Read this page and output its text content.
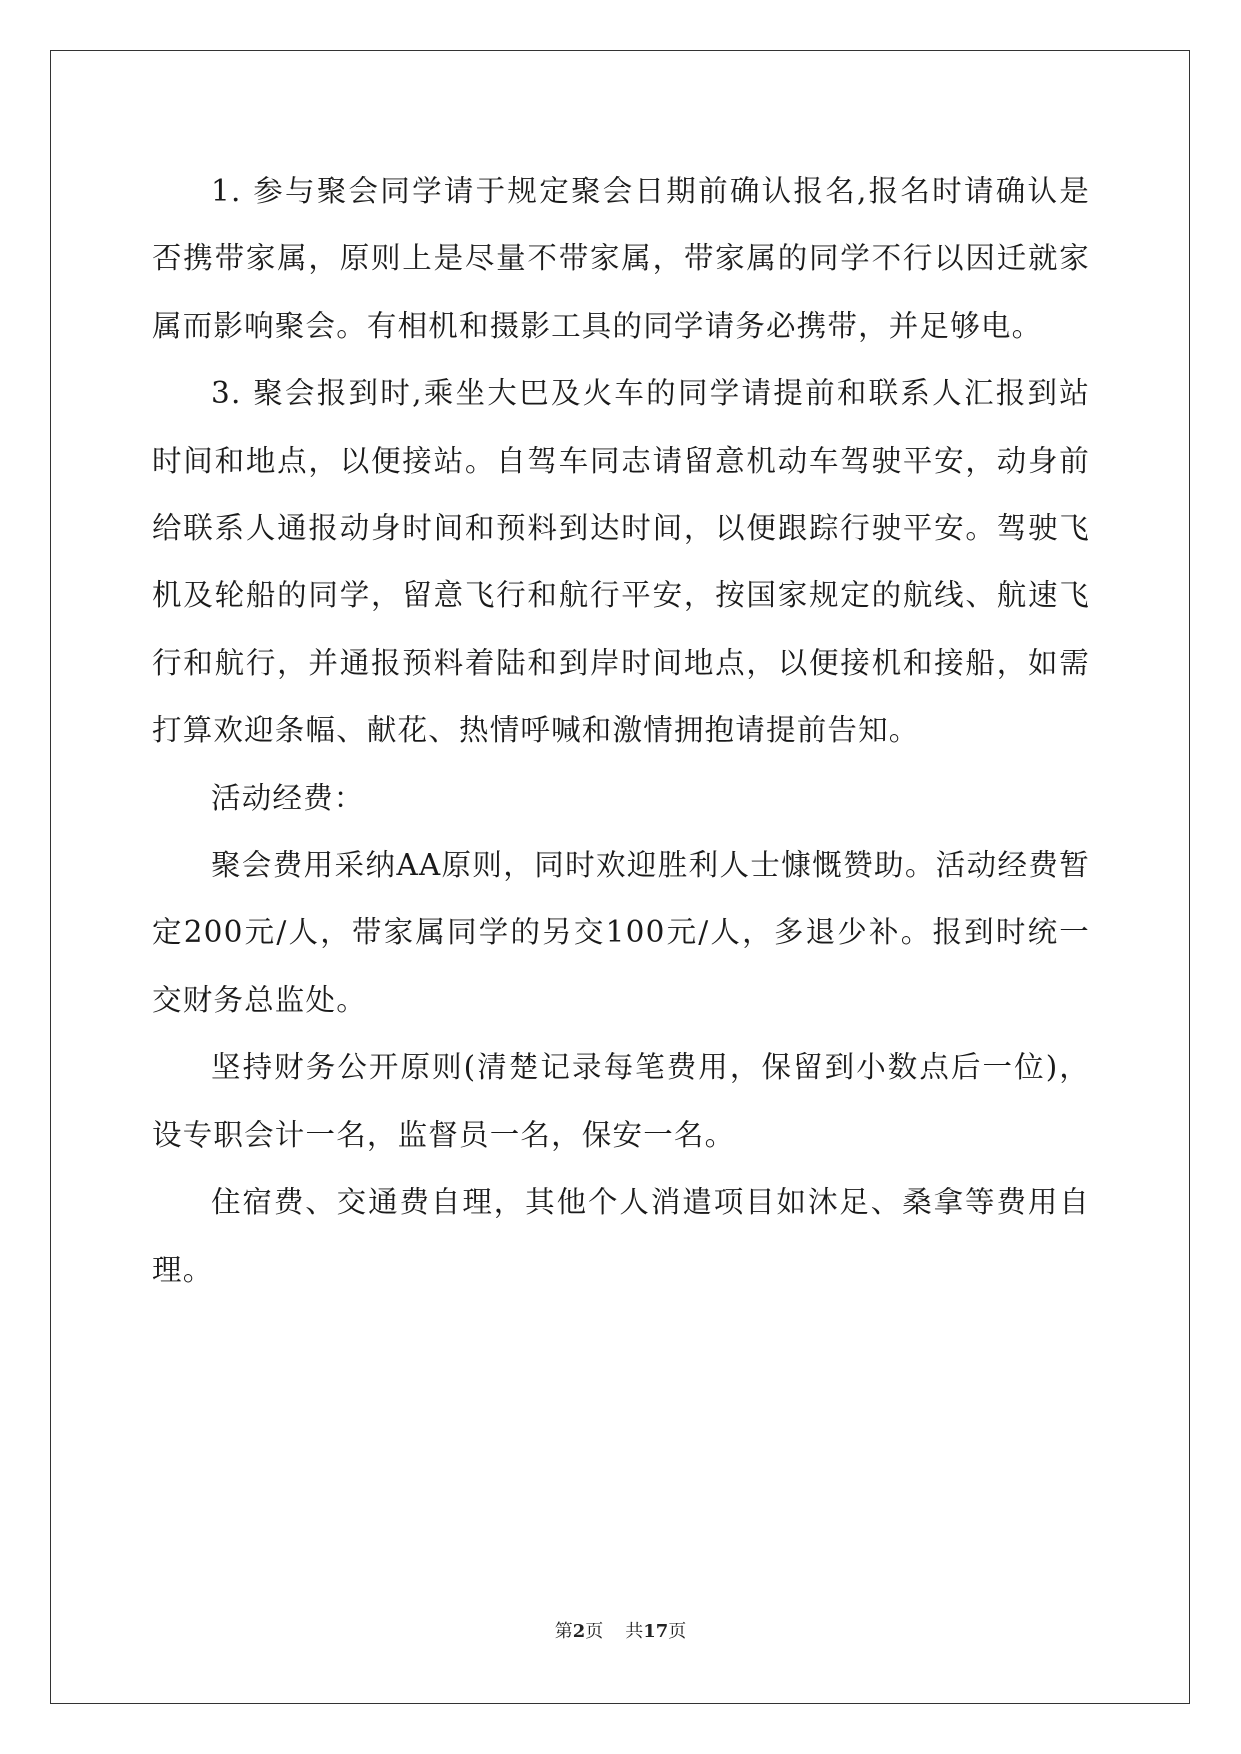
1. 参与聚会同学请于规定聚会日期前确认报名,报名时请确认是否携带家属，原则上是尽量不带家属，带家属的同学不行以因迁就家属而影响聚会。有相机和摄影工具的同学请务必携带，并足够电。

3. 聚会报到时,乘坐大巴及火车的同学请提前和联系人汇报到站时间和地点，以便接站。自驾车同志请留意机动车驾驶平安，动身前给联系人通报动身时间和预料到达时间，以便跟踪行驶平安。驾驶飞机及轮船的同学，留意飞行和航行平安，按国家规定的航线、航速飞行和航行，并通报预料着陆和到岸时间地点，以便接机和接船，如需打算欢迎条幅、献花、热情呼喊和激情拥抱请提前告知。

活动经费：

聚会费用采纳AA原则，同时欢迎胜利人士慷慨赞助。活动经费暂定200元/人，带家属同学的另交100元/人，多退少补。报到时统一交财务总监处。

坚持财务公开原则(清楚记录每笔费用，保留到小数点后一位)，设专职会计一名，监督员一名，保安一名。

住宿费、交通费自理，其他个人消遣项目如沐足、桑拿等费用自理。

第2页 共17页
